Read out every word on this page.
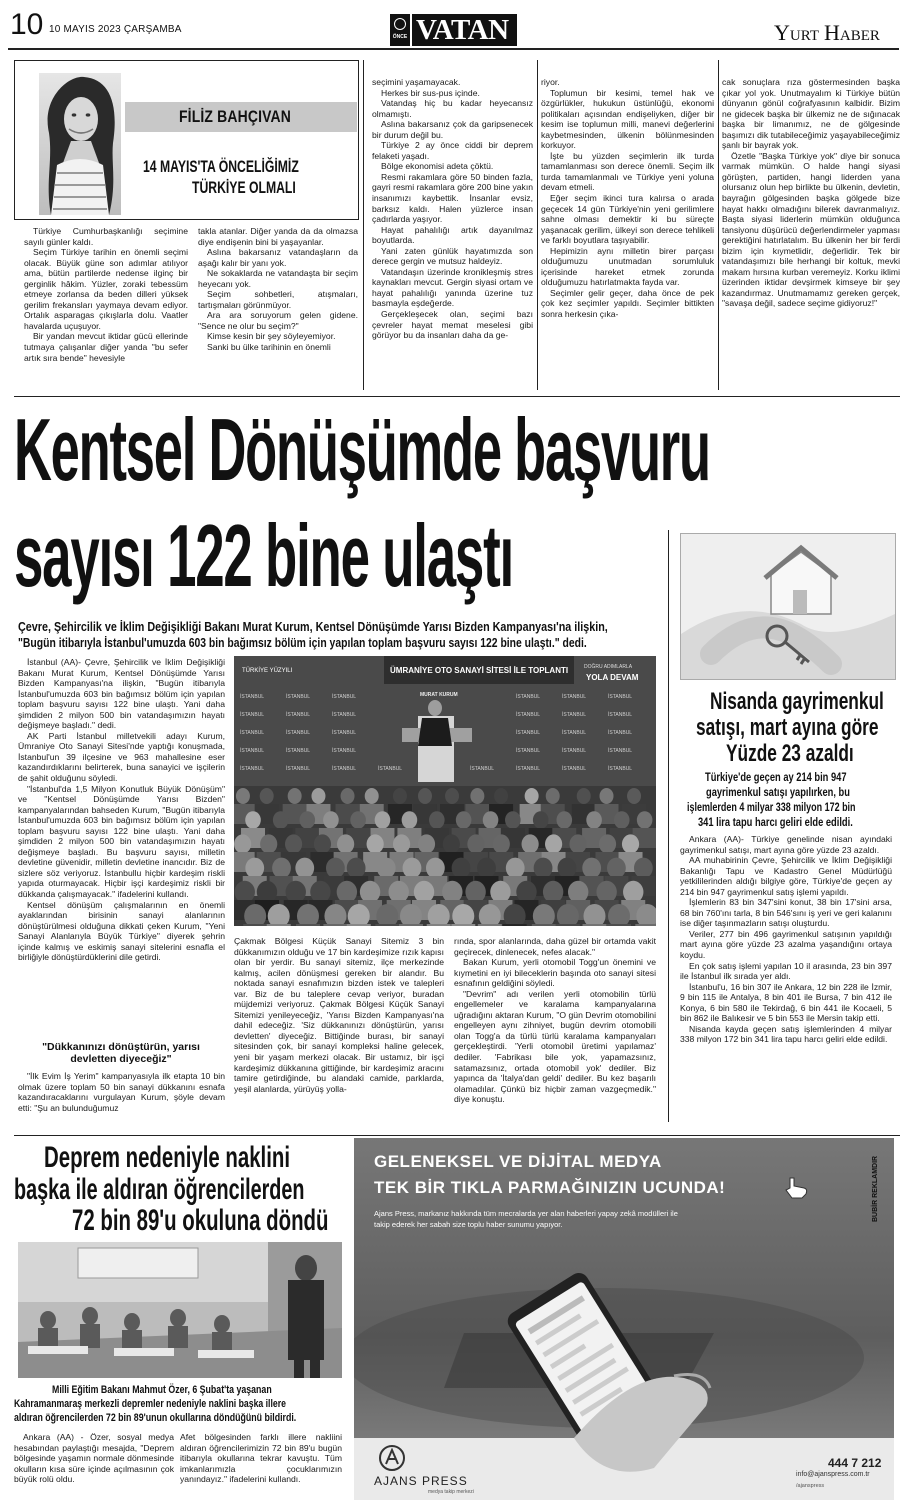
10 10 MAYIS 2023 ÇARŞAMBA
ÖNCE VATAN	YURT HABER
FİLİZ BAHÇIVAN
14 MAYIS'TA ÖNCELİĞİMİZ
TÜRKİYE OLMALI

Türkiye Cumhurbaşkanlığı seçimine sayılı günler kaldı.

Seçim Türkiye tarihin en önemli seçimi olacak. Büyük güne son adımlar atılıyor ama, bütün partilerde nedense ilginç bir gerginlik hâkim. Yüzler, zoraki tebessüm etmeye zorlansa da beden dilleri yüksek gerilim frekansları yaymaya devam ediyor. Ortalık asparagas çıkışlarla dolu. Vaatler havalarda uçuşuyor.

Bir yandan mevcut iktidar gücü ellerinde tutmaya çalışanlar diğer yanda "bu sefer artık sıra bende" hevesiyle

takla atanlar. Diğer yanda da da olmazsa diye endişenin bini bi yaşayanlar.

Aslına bakarsanız vatandaşların da aşağı kalır bir yanı yok.

Ne sokaklarda ne vatandaşta bir seçim heyecanı yok.

Seçim sohbetleri, atışmaları, tartışmaları görünmüyor.

Ara ara soruyorum gelen gidene. "Sence ne olur bu seçim?"

Kimse kesin bir şey söyleyemiyor.

Sanki bu ülke tarihinin en önemli

seçimini yaşamayacak.

Herkes bir sus-pus içinde.

Vatandaş hiç bu kadar heyecansız olmamıştı.

Aslına bakarsanız çok da garipsenecek bir durum değil bu.

Türkiye 2 ay önce ciddi bir deprem felaketi yaşadı.

Bölge ekonomisi adeta çöktü.

Resmi rakamlara göre 50 binden fazla, gayri resmi rakamlara göre 200 bine yakın insanımızı kaybettik. İnsanlar evsiz, barksız kaldı. Halen yüzlerce insan çadırlarda yaşıyor.

Hayat pahalılığı artık dayanılmaz boyutlarda.

Yani zaten günlük hayatımızda son derece gergin ve mutsuz haldeyiz.

Vatandaşın üzerinde kronikleşmiş stres kaynakları mevcut. Gergin siyasi ortam ve hayat pahalılığı yanında üzerine tuz basmayla eşdeğerde.

Gerçekleşecek olan, seçimi bazı çevreler hayat memat meselesi gibi görüyor bu da insanları daha da ge-

riyor.

Toplumun bir kesimi, temel hak ve özgürlükler, hukukun üstünlüğü, ekonomi politikaları açısından endişeliyken, diğer bir kesim ise toplumun milli, manevi değerlerini kaybetmesinden, ülkenin bölünmesinden korkuyor.

İşte bu yüzden seçimlerin ilk turda tamamlanması son derece önemli. Seçim ilk turda tamamlanmalı ve Türkiye yeni yoluna devam etmeli.

Eğer seçim ikinci tura kalırsa o arada geçecek 14 gün Türkiye'nin yeni gerilimlere sahne olması demektir ki bu süreçte yaşanacak gerilim, ülkeyi son derece tehlikeli ve farklı boyutlara taşıyabilir.

Hepimizin aynı milletin birer parçası olduğumuzu unutmadan sorumluluk içerisinde hareket etmek zorunda olduğumuzu hatırlatmakta fayda var.

Seçimler gelir geçer, daha önce de pek çok kez seçimler yapıldı. Seçimler bittikten sonra herkesin çıka-

cak sonuçlara rıza göstermesinden başka çıkar yol yok. Unutmayalım ki Türkiye bütün dünyanın gönül coğrafyasının kalbidir. Bizim ne gidecek başka bir ülkemiz ne de sığınacak başka bir limanımız, ne de gölgesinde başımızı dik tutabileceğimiz yaşayabileceğimiz şanlı bir bayrak yok.

Özetle "Başka Türkiye yok" diye bir sonuca varmak mümkün. O halde hangi siyasi görüşten, partiden, hangi liderden yana olursanız olun hep birlikte bu ülkenin, devletin, bayrağın gölgesinden başka gölgede bize hayat hakkı olmadığını bilerek davranmalıyız. Başta siyasi liderlerin mümkün olduğunca tansiyonu düşürücü değerlendirmeler yapması gerektiğini hatırlatalım. Bu ülkenin her bir ferdi bizim için kıymetlidir, değerlidir. Tek bir vatandaşımızı bile herhangi bir koltuk, mevki makam hırsına kurban veremeyiz. Korku iklimi üzerinden iktidar devşirmek kimseye bir şey kazandırmaz. Unutmamamız gereken gerçek, "savaşa değil, sadece seçime gidiyoruz!"

Kentsel Dönüşümde başvuru
sayısı 122 bine ulaştı
Çevre, Şehircilik ve İklim Değişikliği Bakanı Murat Kurum, Kentsel Dönüşümde Yarısı Bizden Kampanyası'na ilişkin,
"Bugün itibarıyla İstanbul'umuzda 603 bin bağımsız bölüm için yapılan toplam başvuru sayısı 122 bine ulaştı." dedi.
İSTANBUL	İSTANBUL	İSTANBUL	İSTANBUL	İSTANBUL	İSTANBUL
İSTANBUL	İSTANBUL	İSTANBUL	İSTANBUL	İSTANBUL	İSTANBUL
İSTANBUL	İSTANBUL	İSTANBUL	İSTANBUL	İSTANBUL	İSTANBUL
İSTANBUL	İSTANBUL	İSTANBUL	İSTANBUL	İSTANBUL	İSTANBUL
İSTANBUL	İSTANBUL	İSTANBUL	İSTANBUL	İSTANBUL	İSTANBUL	İSTANBUL	İSTANBUL
TÜRKİYE YÜZYILI
DOĞRU ADIMLARLA
YOLA DEVAM
ÜMRANİYE OTO SANAYİ SİTESİ İLE TOPLANTI
MURAT KURUM

İstanbul (AA)- Çevre, Şehircilik ve İklim Değişikliği Bakanı Murat Kurum, Kentsel Dönüşümde Yarısı Bizden Kampanyası'na ilişkin, "Bugün itibarıyla İstanbul'umuzda 603 bin bağımsız bölüm için yapılan toplam başvuru sayısı 122 bine ulaştı. Yani daha şimdiden 2 milyon 500 bin vatandaşımızın hayatı değişmeye başladı." dedi.

AK Parti İstanbul milletvekili adayı Kurum, Ümraniye Oto Sanayi Sitesi'nde yaptığı konuşmada, İstanbul'un 39 ilçesine ve 963 mahallesine eser kazandırdıklarını belirterek, buna sanayici ve işçilerin de şahit olduğunu söyledi.

"İstanbul'da 1,5 Milyon Konutluk Büyük Dönüşüm" ve "Kentsel Dönüşümde Yarısı Bizden" kampanyalarından bahseden Kurum, "Bugün itibarıyla İstanbul'umuzda 603 bin bağımsız bölüm için yapılan toplam başvuru sayısı 122 bine ulaştı. Yani daha şimdiden 2 milyon 500 bin vatandaşımızın hayatı değişmeye başladı. Bu başvuru sayısı, milletin devletine güvenidir, milletin devletine inancıdır. Biz de sizlere söz veriyoruz. İstanbullu hiçbir kardeşim riskli yapıda oturmayacak. Hiçbir işçi kardeşimiz riskli bir dükkanda çalışmayacak." ifadelerini kullandı.

Kentsel dönüşüm çalışmalarının en önemli ayaklarından birisinin sanayi alanlarının dönüştürülmesi olduğuna dikkati çeken Kurum, "Yeni Sanayi Alanlarıyla Büyük Türkiye" diyerek şehrin içinde kalmış ve eskimiş sanayi sitelerini esnafla el birliğiyle dönüştürdüklerini dile getirdi.

"Dükkanınızı dönüştürün, yarısı devletten diyeceğiz"

"İlk Evim İş Yerim" kampanyasıyla ilk etapta 10 bin olmak üzere toplam 50 bin sanayi dükkanını esnafa kazandıracaklarını vurgulayan Kurum, şöyle devam etti: "Şu an bulunduğumuz

Çakmak Bölgesi Küçük Sanayi Sitemiz 3 bin dükkanımızın olduğu ve 17 bin kardeşimize rızık kapısı olan bir yerdir. Bu sanayi sitemiz, ilçe merkezinde kalmış, acilen dönüşmesi gereken bir alandır. Bu noktada sanayi esnafımızın bizden istek ve talepleri var. Biz de bu taleplere cevap veriyor, buradan müjdemizi veriyoruz. Çakmak Bölgesi Küçük Sanayi Sitemizi yenileyeceğiz, 'Yarısı Bizden Kampanyası'na dahil edeceğiz. 'Siz dükkanınızı dönüştürün, yarısı devletten' diyeceğiz. Bittiğinde burası, bir sanayi sitesinden çok, bir sanayi kompleksi haline gelecek, yeni bir yaşam merkezi olacak. Bir ustamız, bir işçi kardeşimiz dükkanına gittiğinde, bir kardeşimiz aracını tamire getirdiğinde, bu alandaki camide, parklarda, yeşil alanlarda, yürüyüş yolla-

rında, spor alanlarında, daha güzel bir ortamda vakit geçirecek, dinlenecek, nefes alacak."

Bakan Kurum, yerli otomobil Togg'un önemini ve kıymetini en iyi bileceklerin başında oto sanayi sitesi esnafının geldiğini söyledi.

"Devrim" adı verilen yerli otomobilin türlü engellemeler ve karalama kampanyalarına uğradığını aktaran Kurum, "O gün Devrim otomobilini engelleyen aynı zihniyet, bugün devrim otomobili olan Togg'a da türlü türlü karalama kampanyaları gerçekleştirdi. 'Yerli otomobil üretimi yapılamaz' dediler. 'Fabrikası bile yok, yapamazsınız, satamazsınız, ortada otomobil yok' dediler. Biz yapınca da 'İtalya'dan geldi' dediler. Bu kez başarılı olamadılar. Çünkü biz hiçbir zaman vazgeçmedik." diye konuştu.

Nisanda gayrimenkul
satışı, mart ayına göre
Yüzde 23 azaldı
Türkiye'de geçen ay 214 bin 947
gayrimenkul satışı yapılırken, bu
işlemlerden 4 milyar 338 milyon 172 bin
341 lira tapu harcı geliri elde edildi.

Ankara (AA)- Türkiye genelinde nisan ayındaki gayrimenkul satışı, mart ayına göre yüzde 23 azaldı.

AA muhabirinin Çevre, Şehircilik ve İklim Değişikliği Bakanlığı Tapu ve Kadastro Genel Müdürlüğü yetkililerinden aldığı bilgiye göre, Türkiye'de geçen ay 214 bin 947 gayrimenkul satış işlemi yapıldı.

İşlemlerin 83 bin 347'sini konut, 38 bin 17'sini arsa, 68 bin 760'ını tarla, 8 bin 546'sını iş yeri ve geri kalanını ise diğer taşınmazların satışı oluşturdu.

Veriler, 277 bin 496 gayrimenkul satışının yapıldığı mart ayına göre yüzde 23 azalma yaşandığını ortaya koydu.

En çok satış işlemi yapılan 10 il arasında, 23 bin 397 ile İstanbul ilk sırada yer aldı.

İstanbul'u, 16 bin 307 ile Ankara, 12 bin 228 ile İzmir, 9 bin 115 ile Antalya, 8 bin 401 ile Bursa, 7 bin 412 ile Konya, 6 bin 580 ile Tekirdağ, 6 bin 441 ile Kocaeli, 5 bin 862 ile Balıkesir ve 5 bin 553 ile Mersin takip etti.

Nisanda kayda geçen satış işlemlerinden 4 milyar 338 milyon 172 bin 341 lira tapu harcı geliri elde edildi.

Deprem nedeniyle naklini
başka ile aldıran öğrencilerden
72 bin 89'u okuluna döndü
Milli Eğitim Bakanı Mahmut Özer, 6 Şubat'ta yaşanan
Kahramanmaraş merkezli depremler nedeniyle naklini başka illere
aldıran öğrencilerden 72 bin 89'unun okullarına döndüğünü bildirdi.

Ankara (AA) - Özer, sosyal medya hesabından paylaştığı mesajda, "Deprem bölgesinde yaşamın normale dönmesinde okulların kısa süre içinde açılmasının çok büyük rolü oldu.

Afet bölgesinden farklı illere nakliini aldıran öğrencilerimizin 72 bin 89'u bugün itibarıyla okullarına tekrar kavuştu. Tüm imkanlarımızla çocuklarımızın yanındayız." ifadelerini kullandı.

GELENEKSEL VE DİJİTAL MEDYA
TEK BİR TIKLA PARMAĞINIZIN UCUNDA!
Ajans Press, markanız hakkında tüm mecralarda yer alan haberleri yapay zekâ modülleri ile
takip ederek her sabah size toplu haber sunumu yapıyor.
BUBİR REKLAMDIR
AJANS PRESS
medya takip merkezi
444 7 212
info@ajanspress.com.tr
/ajanspress
